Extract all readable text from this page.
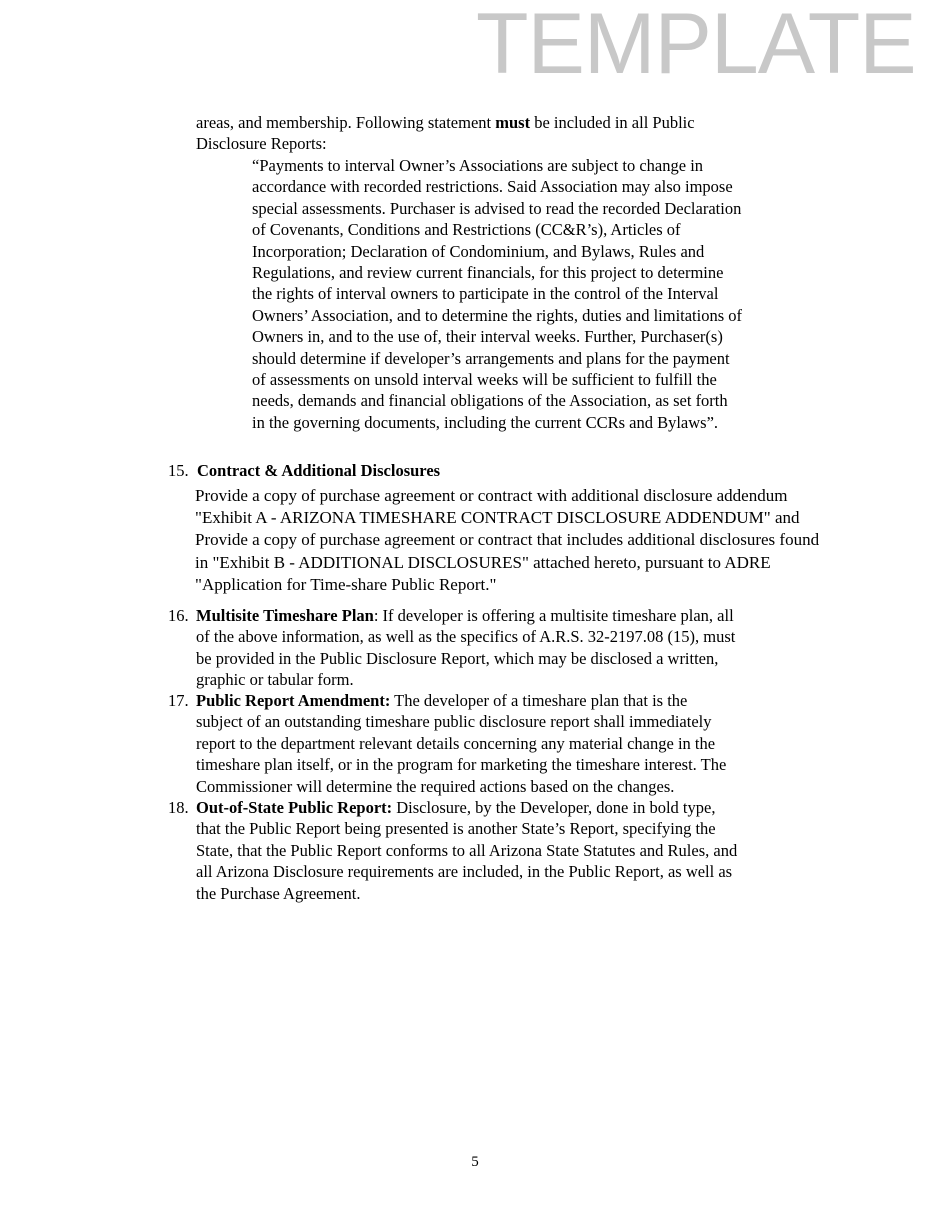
TEMPLATE
areas, and membership. Following statement must be included in all Public
Disclosure Reports:
“Payments to interval Owner’s Associations are subject to change in
accordance with recorded restrictions. Said Association may also impose
special assessments. Purchaser is advised to read the recorded Declaration
of Covenants, Conditions and Restrictions (CC&R’s), Articles of
Incorporation; Declaration of Condominium, and Bylaws, Rules and
Regulations, and review current financials, for this project to determine
the rights of interval owners to participate in the control of the Interval
Owners’ Association, and to determine the rights, duties and limitations of
Owners in, and to the use of, their interval weeks. Further, Purchaser(s)
should determine if developer’s arrangements and plans for the payment
of assessments on unsold interval weeks will be sufficient to fulfill the
needs, demands and financial obligations of the Association, as set forth
in the governing documents, including the current CCRs and Bylaws”.
15. Contract & Additional Disclosures
Provide a copy of purchase agreement or contract with additional disclosure addendum
"Exhibit A - ARIZONA TIMESHARE CONTRACT DISCLOSURE ADDENDUM" and
Provide a copy of purchase agreement or contract that includes additional disclosures found
in "Exhibit B - ADDITIONAL DISCLOSURES" attached hereto, pursuant to ADRE
"Application for Time-share Public Report."
16. Multisite Timeshare Plan: If developer is offering a multisite timeshare plan, all
of the above information, as well as the specifics of A.R.S. 32-2197.08 (15), must
be provided in the Public Disclosure Report, which may be disclosed a written,
graphic or tabular form.
17. Public Report Amendment: The developer of a timeshare plan that is the
subject of an outstanding timeshare public disclosure report shall immediately
report to the department relevant details concerning any material change in the
timeshare plan itself, or in the program for marketing the timeshare interest. The
Commissioner will determine the required actions based on the changes.
18. Out-of-State Public Report: Disclosure, by the Developer, done in bold type,
that the Public Report being presented is another State’s Report, specifying the
State, that the Public Report conforms to all Arizona State Statutes and Rules, and
all Arizona Disclosure requirements are included, in the Public Report, as well as
the Purchase Agreement.
5
